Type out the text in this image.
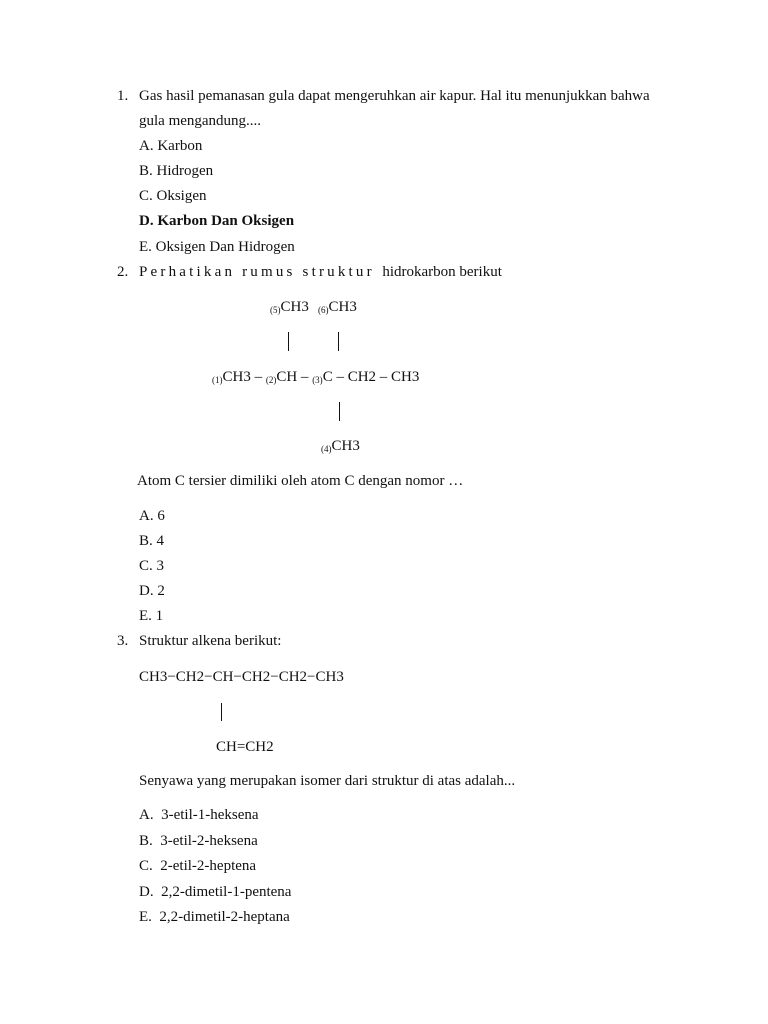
1. Gas hasil pemanasan gula dapat mengeruhkan air kapur. Hal itu menunjukkan bahwa
gula mengandung....
A. Karbon
B. Hidrogen
C. Oksigen
D. Karbon Dan Oksigen
E. Oksigen Dan Hidrogen
2. Perhatikan rumus struktur hidrokarbon berikut
$_{(5)}$CH3 $_{(6)}$CH3
$_{(1)}$CH3 – $_{(2)}$CH – $_{(3)}$C – CH2 – CH3
$_{(4)}$CH3
Atom C tersier dimiliki oleh atom C dengan nomor …
A. 6
B. 4
C. 3
D. 2
E. 1
3. Struktur alkena berikut:
CH3−CH2−CH−CH2−CH2−CH3
CH=CH2
Senyawa yang merupakan isomer dari struktur di atas adalah...
A. 3-etil-1-heksena
B. 3-etil-2-heksena
C. 2-etil-2-heptena
D. 2,2-dimetil-1-pentena
E. 2,2-dimetil-2-heptana
